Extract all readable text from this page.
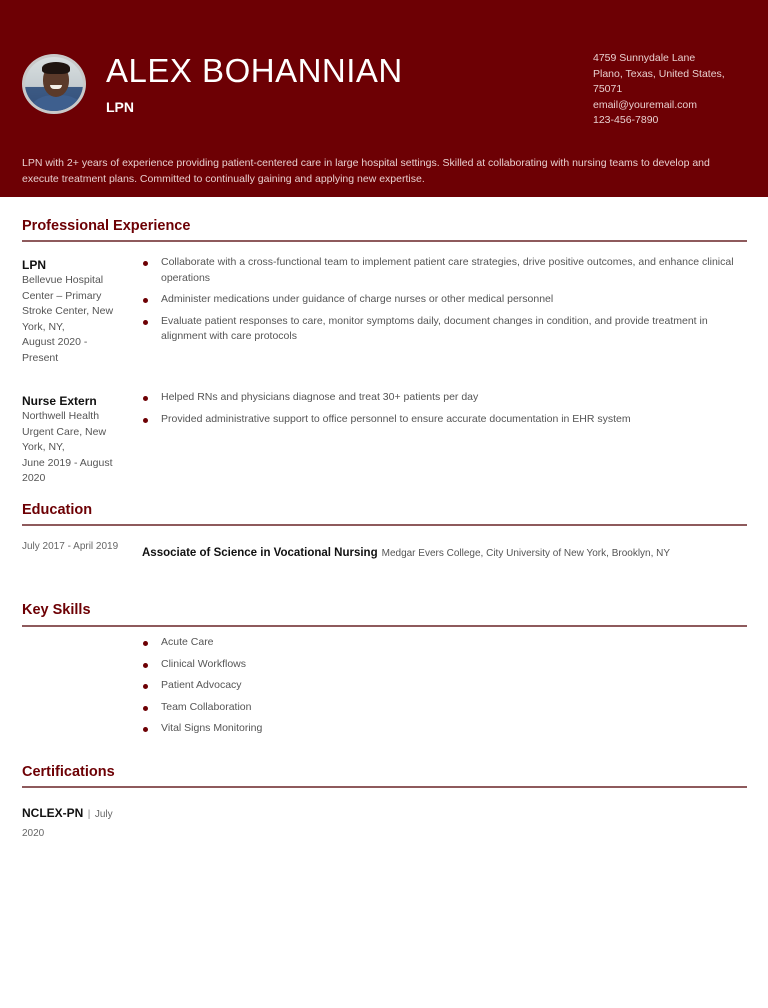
ALEX BOHANNIAN
LPN
4759 Sunnydale Lane
Plano, Texas, United States,
75071
email@youremail.com
123-456-7890
LPN with 2+ years of experience providing patient-centered care in large hospital settings. Skilled at collaborating with nursing teams to develop and execute treatment plans. Committed to continually gaining and applying new expertise.
Professional Experience
LPN
Bellevue Hospital Center – Primary Stroke Center, New York, NY,
August 2020 - Present
Collaborate with a cross-functional team to implement patient care strategies, drive positive outcomes, and enhance clinical operations
Administer medications under guidance of charge nurses or other medical personnel
Evaluate patient responses to care, monitor symptoms daily, document changes in condition, and provide treatment in alignment with care protocols
Nurse Extern
Northwell Health Urgent Care, New York, NY,
June 2019 - August 2020
Helped RNs and physicians diagnose and treat 30+ patients per day
Provided administrative support to office personnel to ensure accurate documentation in EHR system
Education
July 2017 - April 2019
Associate of Science in Vocational Nursing Medgar Evers College, City University of New York, Brooklyn, NY
Key Skills
Acute Care
Clinical Workflows
Patient Advocacy
Team Collaboration
Vital Signs Monitoring
Certifications
NCLEX-PN | July 2020
